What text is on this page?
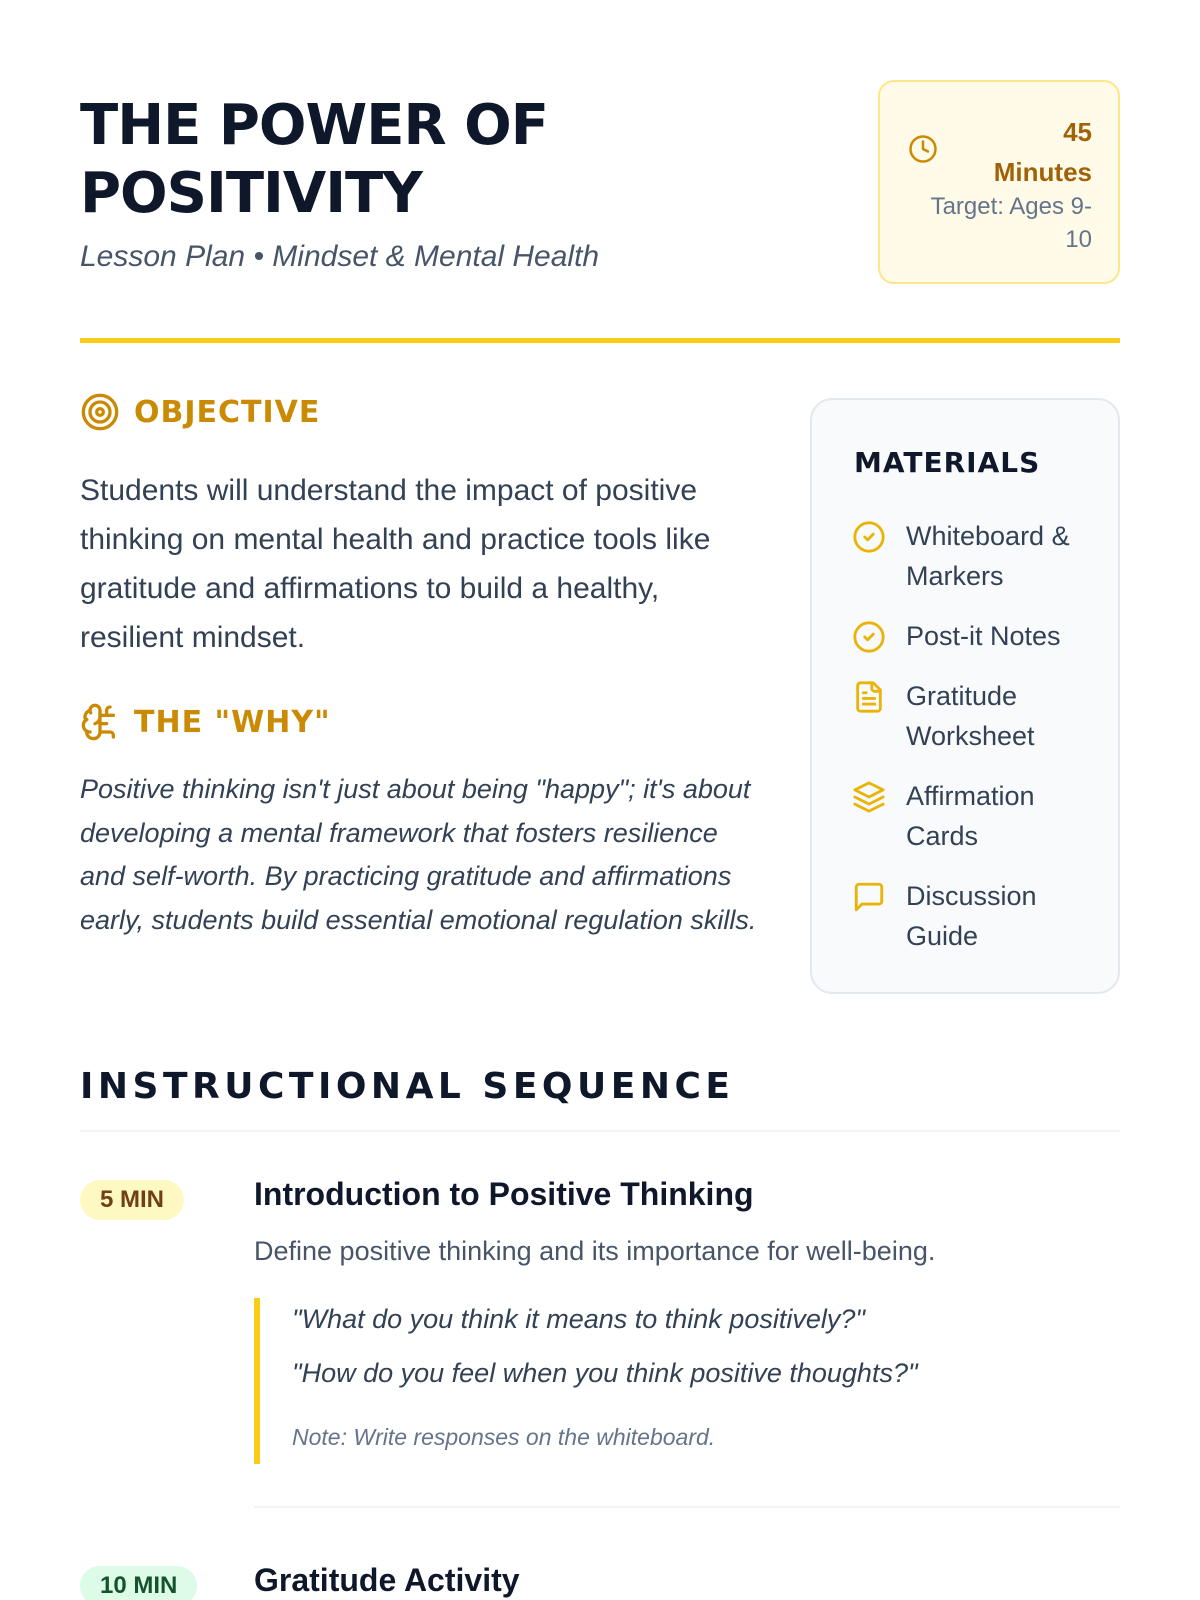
THE POWER OF
POSITIVITY
Lesson Plan • Mindset & Mental Health
45
Minutes
Target: Ages 9-10
OBJECTIVE

Students will understand the impact of positive thinking on mental health and practice tools like gratitude and affirmations to build a healthy, resilient mindset.

THE "WHY"

Positive thinking isn't just about being "happy"; it's about developing a mental framework that fosters resilience and self-worth. By practicing gratitude and affirmations early, students build essential emotional regulation skills.

MATERIALS
Whiteboard & Markers
Post-it Notes
Gratitude Worksheet
Affirmation Cards
Discussion Guide
INSTRUCTIONAL SEQUENCE
5 MIN	Introduction to Positive Thinking

Define positive thinking and its importance for well-being.

"What do you think it means to think positively?"
"How do you feel when you think positive thoughts?"
Note: Write responses on the whiteboard.
10 MIN	Gratitude Activity
